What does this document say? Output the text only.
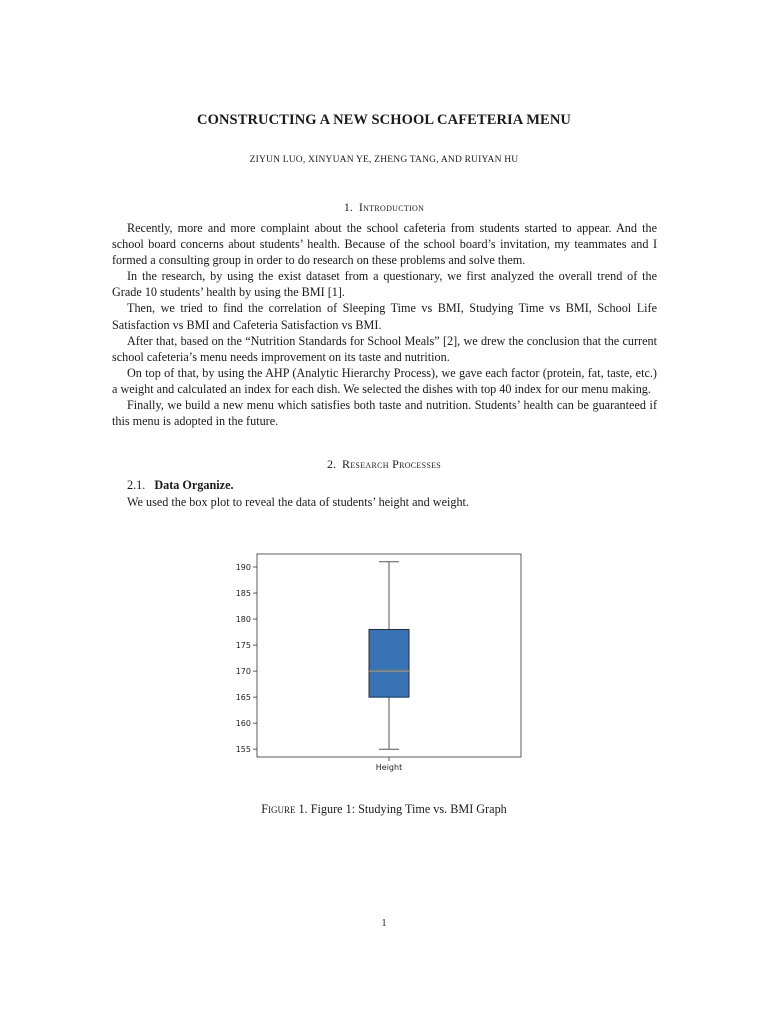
CONSTRUCTING A NEW SCHOOL CAFETERIA MENU
ZIYUN LUO, XINYUAN YE, ZHENG TANG, AND RUIYAN HU
1. Introduction

Recently, more and more complaint about the school cafeteria from students started to appear. And the school board concerns about students’ health. Because of the school board’s invitation, my teammates and I formed a consulting group in order to do research on these problems and solve them.

In the research, by using the exist dataset from a questionary, we first analyzed the overall trend of the Grade 10 students’ health by using the BMI [1].

Then, we tried to find the correlation of Sleeping Time vs BMI, Studying Time vs BMI, School Life Satisfaction vs BMI and Cafeteria Satisfaction vs BMI.

After that, based on the “Nutrition Standards for School Meals” [2], we drew the conclusion that the current school cafeteria’s menu needs improvement on its taste and nutrition.

On top of that, by using the AHP (Analytic Hierarchy Process), we gave each factor (protein, fat, taste, etc.) a weight and calculated an index for each dish. We selected the dishes with top 40 index for our menu making.

Finally, we build a new menu which satisfies both taste and nutrition. Students’ health can be guaranteed if this menu is adopted in the future.

2. Research Processes
2.1. Data Organize.
We used the box plot to reveal the data of students’ height and weight.
155
160
165
170
175
180
185
190
Height
Figure 1. Figure 1: Studying Time vs. BMI Graph
1
